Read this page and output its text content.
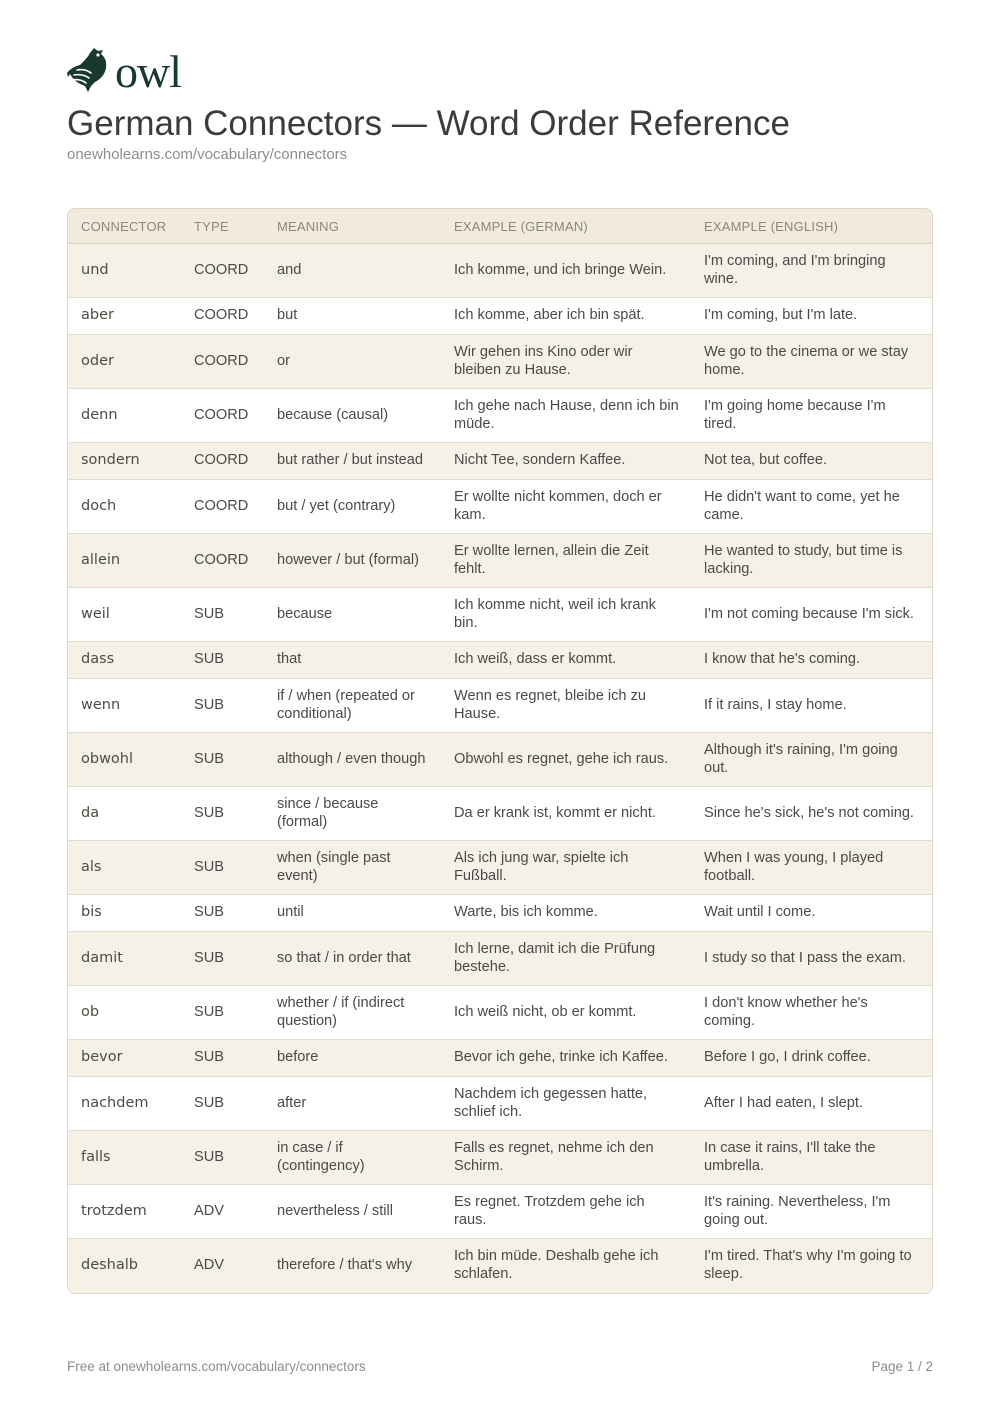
owl
German Connectors — Word Order Reference
onewholearns.com/vocabulary/connectors
CONNECTOR	TYPE	MEANING	EXAMPLE (GERMAN)	EXAMPLE (ENGLISH)
und	COORD	and	Ich komme, und ich bringe Wein.	I'm coming, and I'm bringing wine.
aber	COORD	but	Ich komme, aber ich bin spät.	I'm coming, but I'm late.
oder	COORD	or	Wir gehen ins Kino oder wir bleiben zu Hause.	We go to the cinema or we stay home.
denn	COORD	because (causal)	Ich gehe nach Hause, denn ich bin müde.	I'm going home because I'm tired.
sondern	COORD	but rather / but instead	Nicht Tee, sondern Kaffee.	Not tea, but coffee.
doch	COORD	but / yet (contrary)	Er wollte nicht kommen, doch er kam.	He didn't want to come, yet he came.
allein	COORD	however / but (formal)	Er wollte lernen, allein die Zeit fehlt.	He wanted to study, but time is lacking.
weil	SUB	because	Ich komme nicht, weil ich krank bin.	I'm not coming because I'm sick.
dass	SUB	that	Ich weiß, dass er kommt.	I know that he's coming.
wenn	SUB	if / when (repeated or conditional)	Wenn es regnet, bleibe ich zu Hause.	If it rains, I stay home.
obwohl	SUB	although / even though	Obwohl es regnet, gehe ich raus.	Although it's raining, I'm going out.
da	SUB	since / because (formal)	Da er krank ist, kommt er nicht.	Since he's sick, he's not coming.
als	SUB	when (single past event)	Als ich jung war, spielte ich Fußball.	When I was young, I played football.
bis	SUB	until	Warte, bis ich komme.	Wait until I come.
damit	SUB	so that / in order that	Ich lerne, damit ich die Prüfung bestehe.	I study so that I pass the exam.
ob	SUB	whether / if (indirect question)	Ich weiß nicht, ob er kommt.	I don't know whether he's coming.
bevor	SUB	before	Bevor ich gehe, trinke ich Kaffee.	Before I go, I drink coffee.
nachdem	SUB	after	Nachdem ich gegessen hatte, schlief ich.	After I had eaten, I slept.
falls	SUB	in case / if (contingency)	Falls es regnet, nehme ich den Schirm.	In case it rains, I'll take the umbrella.
trotzdem	ADV	nevertheless / still	Es regnet. Trotzdem gehe ich raus.	It's raining. Nevertheless, I'm going out.
deshalb	ADV	therefore / that's why	Ich bin müde. Deshalb gehe ich schlafen.	I'm tired. That's why I'm going to sleep.
Free at onewholearns.com/vocabulary/connectors	Page 1 / 2
